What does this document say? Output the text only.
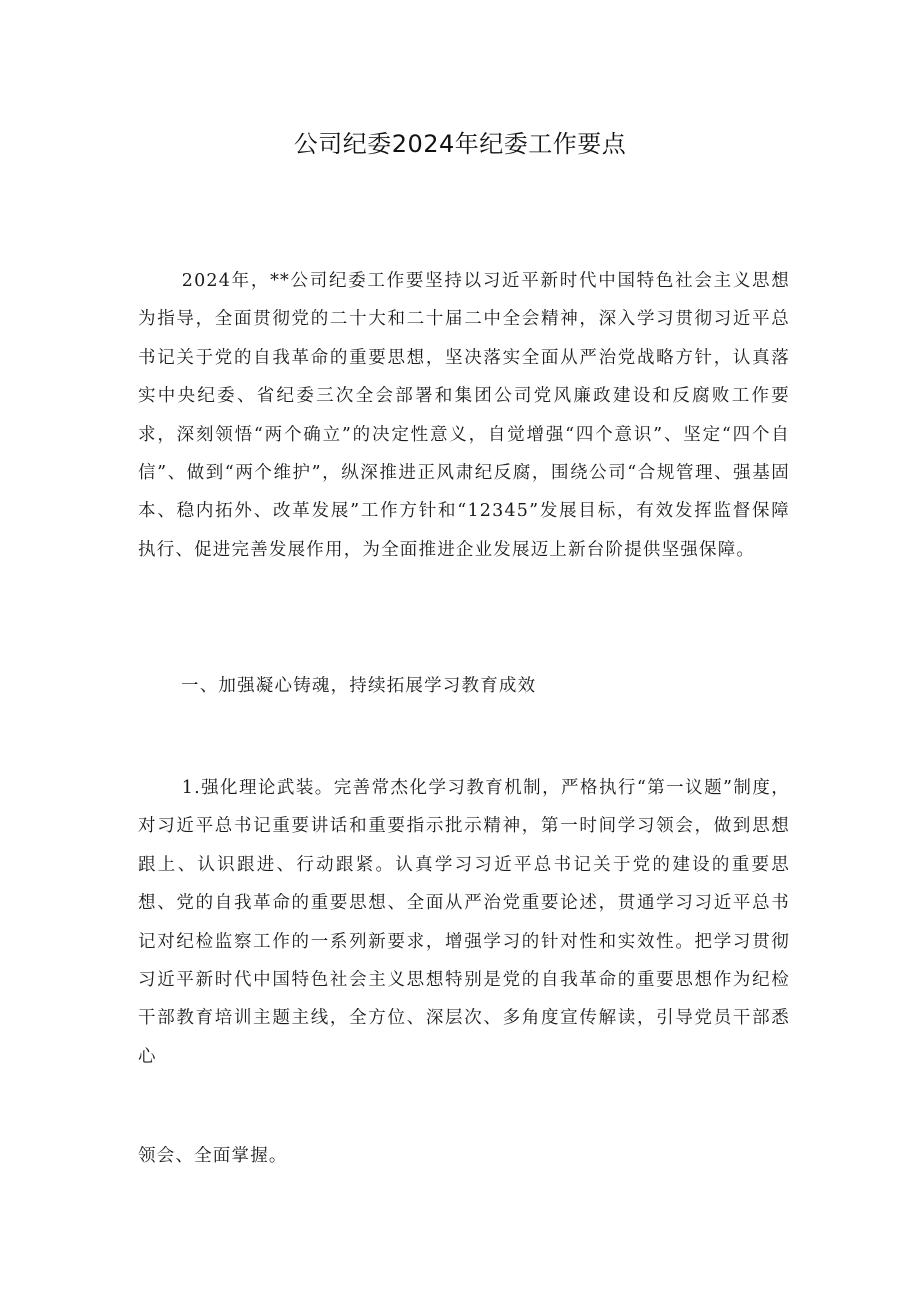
公司纪委2024年纪委工作要点

2024年，**公司纪委工作要坚持以习近平新时代中国特色社会主义思想为指导，全面贯彻党的二十大和二十届二中全会精神，深入学习贯彻习近平总书记关于党的自我革命的重要思想，坚决落实全面从严治党战略方针，认真落实中央纪委、省纪委三次全会部署和集团公司党风廉政建设和反腐败工作要求，深刻领悟“两个确立”的决定性意义，自觉增强“四个意识”、坚定“四个自信”、做到“两个维护”，纵深推进正风肃纪反腐，围绕公司“合规管理、强基固本、稳内拓外、改革发展”工作方针和“12345”发展目标，有效发挥监督保障执行、促进完善发展作用，为全面推进企业发展迈上新台阶提供坚强保障。

一、加强凝心铸魂，持续拓展学习教育成效

1.强化理论武装。完善常杰化学习教育机制，严格执行“第一议题”制度，对习近平总书记重要讲话和重要指示批示精神，第一时间学习领会，做到思想跟上、认识跟进、行动跟紧。认真学习习近平总书记关于党的建设的重要思想、党的自我革命的重要思想、全面从严治党重要论述，贯通学习习近平总书记对纪检监察工作的一系列新要求，增强学习的针对性和实效性。把学习贯彻习近平新时代中国特色社会主义思想特别是党的自我革命的重要思想作为纪检干部教育培训主题主线，全方位、深层次、多角度宣传解读，引导党员干部悉心

领会、全面掌握。
